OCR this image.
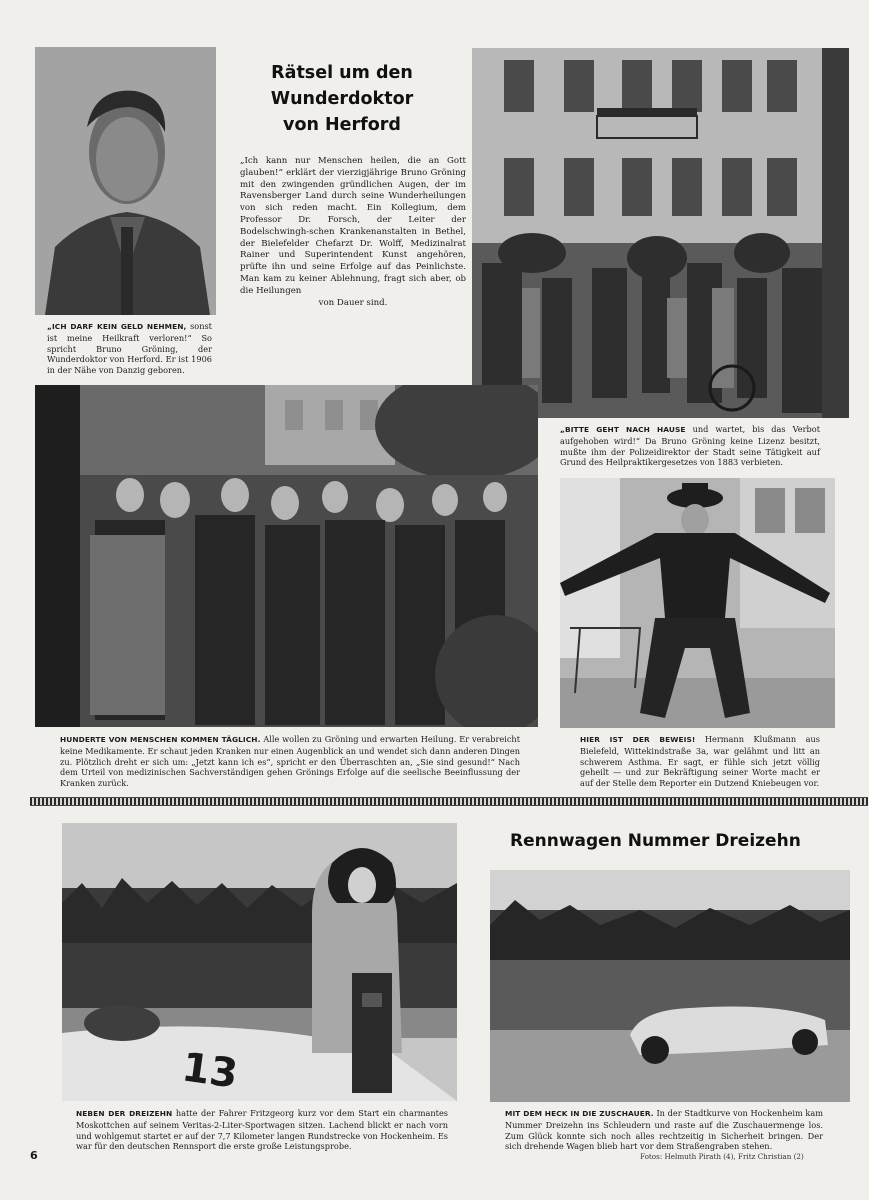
Rätsel um den
Wunderdoktor
von Herford

„Ich kann nur Menschen heilen, die an Gott glauben!“ erklärt der vierzigjährige Bruno Gröning mit den zwingenden gründlichen Augen, der im Ravensberger Land durch seine Wunderheilungen von sich reden macht. Ein Kollegium, dem Professor Dr. Forsch, der Leiter der Bodelschwingh-schen Krankenanstalten in Bethel, der Bielefelder Chefarzt Dr. Wolff, Medizinalrat Rainer und Superintendent Kunst angehören, prüfte ihn und seine Erfolge auf das Peinlichste. Man kam zu keiner Ablehnung, fragt sich aber, ob die Heilungen
von Dauer sind.

„ICH DARF KEIN GELD NEHMEN, sonst ist meine Heilkraft verloren!“ So spricht Bruno Gröning, der Wunderdoktor von Herford. Er ist 1906 in der Nähe von Danzig geboren.

„BITTE GEHT NACH HAUSE und wartet, bis das Verbot aufgehoben wird!“ Da Bruno Gröning keine Lizenz besitzt, mußte ihm der Polizeidirektor der Stadt seine Tätigkeit auf Grund des Heilpraktikergesetzes von 1883 verbieten.

HUNDERTE VON MENSCHEN KOMMEN TÄGLICH. Alle wollen zu Gröning und erwarten Heilung. Er verabreicht keine Medikamente. Er schaut jeden Kranken nur einen Augenblick an und wendet sich dann anderen Dingen zu. Plötzlich dreht er sich um: „Jetzt kann ich es“, spricht er den Überraschten an, „Sie sind gesund!“ Nach dem Urteil von medizinischen Sachverständigen gehen Grönings Erfolge auf die seelische Beeinflussung der Kranken zurück.

HIER IST DER BEWEIS! Hermann Klußmann aus Bielefeld, Wittekindstraße 3a, war gelähmt und litt an schwerem Asthma. Er sagt, er fühle sich jetzt völlig geheilt — und zur Bekräftigung seiner Worte macht er auf der Stelle dem Reporter ein Dutzend Kniebeugen vor.

Rennwagen Nummer Dreizehn
13

NEBEN DER DREIZEHN hatte der Fahrer Fritzgeorg kurz vor dem Start ein charmantes Moskottchen auf seinem Veritas-2-Liter-Sportwagen sitzen. Lachend blickt er nach vorn und wohlgemut startet er auf der 7,7 Kilometer langen Rundstrecke von Hockenheim. Es war für den deutschen Rennsport die erste große Leistungsprobe.

MIT DEM HECK IN DIE ZUSCHAUER. In der Stadtkurve von Hockenheim kam Nummer Dreizehn ins Schleudern und raste auf die Zuschauermenge los. Zum Glück konnte sich noch alles rechtzeitig in Sicherheit bringen. Der sich drehende Wagen blieb hart vor dem Straßengraben stehen.

6	Fotos: Helmuth Pirath (4), Fritz Christian (2)
